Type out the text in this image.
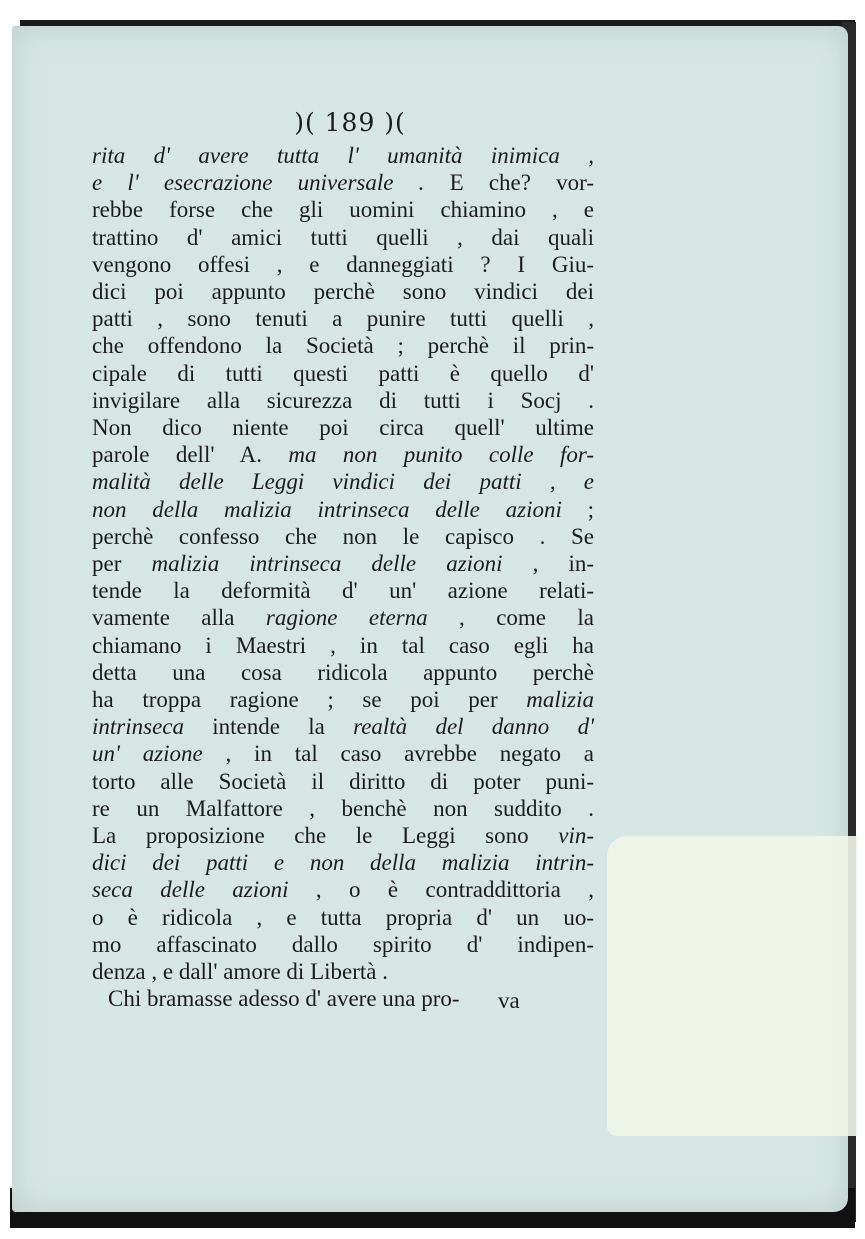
)( 189 )(
rita d' avere tutta l' umanità inimica ,
e l' esecrazione universale . E che? vor-
rebbe forse che gli uomini chiamino , e
trattino d' amici tutti quelli , dai quali
vengono offesi , e danneggiati ? I Giu-
dici poi appunto perchè sono vindici dei
patti , sono tenuti a punire tutti quelli ,
che offendono la Società ; perchè il prin-
cipale di tutti questi patti è quello d'
invigilare alla sicurezza di tutti i Socj .
Non dico niente poi circa quell' ultime
parole dell' A. ma non punito colle for-
malità delle Leggi vindici dei patti , e
non della malizia intrinseca delle azioni ;
perchè confesso che non le capisco . Se
per malizia intrinseca delle azioni , in-
tende la deformità d' un' azione relati-
vamente alla ragione eterna , come la
chiamano i Maestri , in tal caso egli ha
detta una cosa ridicola appunto perchè
ha troppa ragione ; se poi per malizia
intrinseca intende la realtà del danno d'
un' azione , in tal caso avrebbe negato a
torto alle Società il diritto di poter puni-
re un Malfattore , benchè non suddito .
La proposizione che le Leggi sono vin-
dici dei patti e non della malizia intrin-
seca delle azioni , o è contraddittoria ,
o è ridicola , e tutta propria d' un uo-
mo affascinato dallo spirito d' indipen-
denza , e dall' amore di Libertà .
Chi bramasse adesso d' avere una pro-	va
